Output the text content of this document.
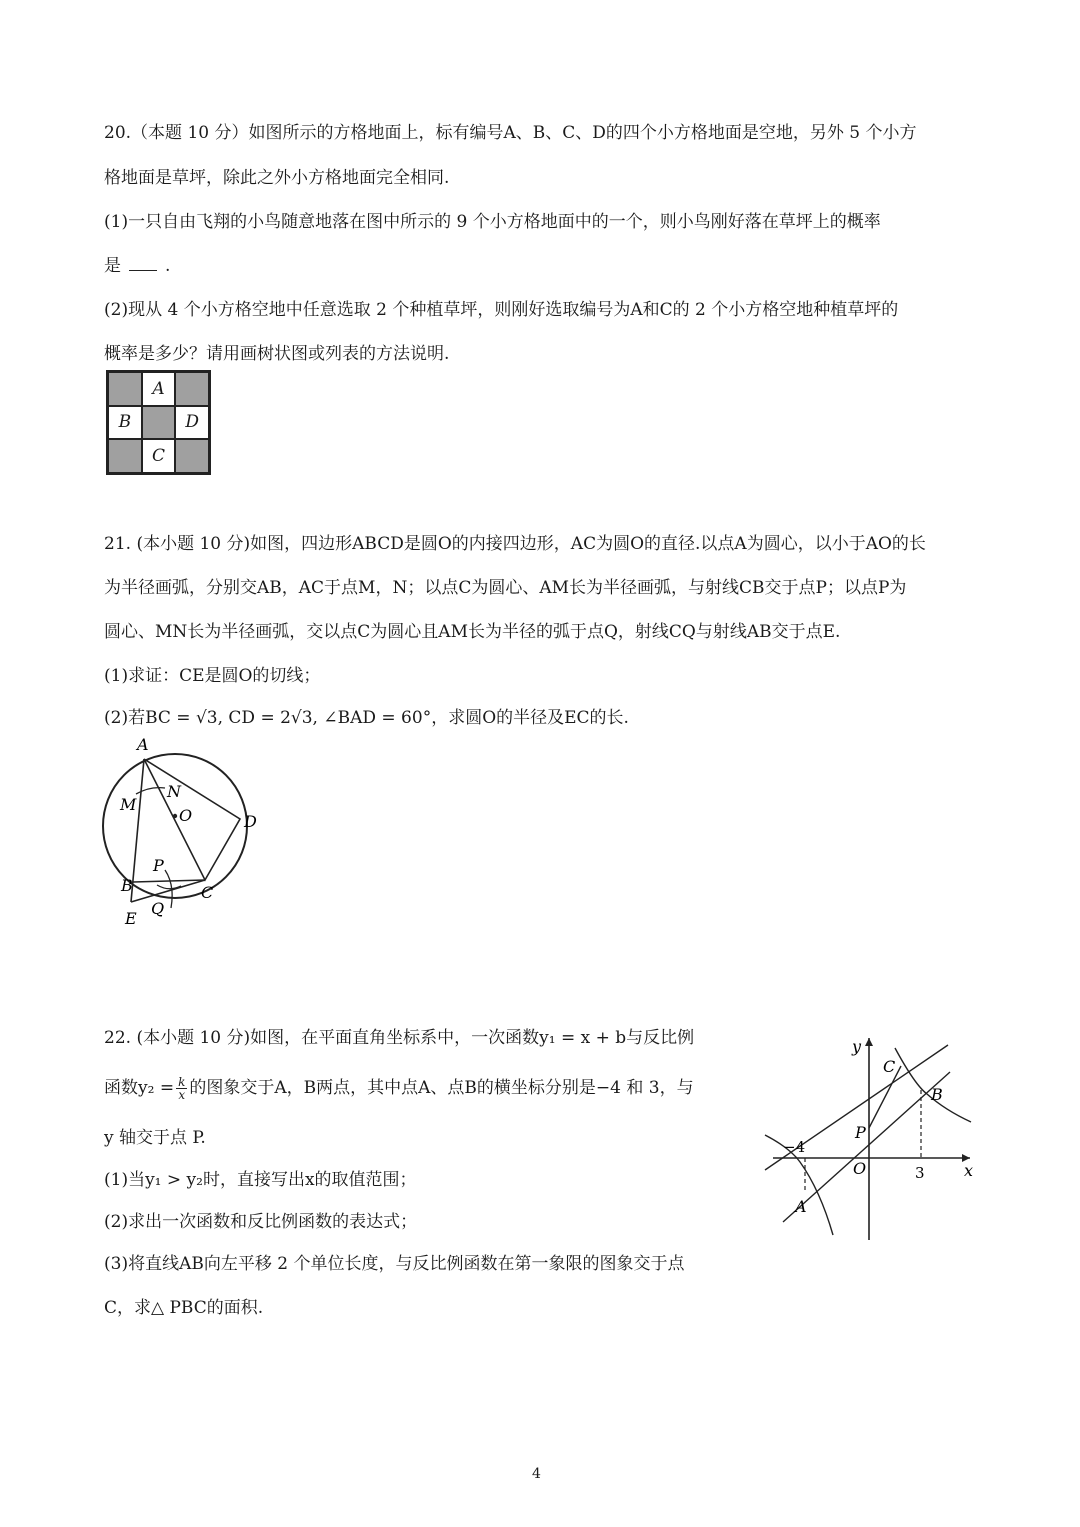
20.（本题 10 分）如图所示的方格地面上，标有编号A、B、C、D的四个小方格地面是空地，另外 5 个小方
格地面是草坪，除此之外小方格地面完全相同.
(1)一只自由飞翔的小鸟随意地落在图中所示的 9 个小方格地面中的一个，则小鸟刚好落在草坪上的概率
是	.
(2)现从 4 个小方格空地中任意选取 2 个种植草坪，则刚好选取编号为A和C的 2 个小方格空地种植草坪的
概率是多少？请用画树状图或列表的方法说明.
A
B	D
C
21. (本小题 10 分)如图，四边形ABCD是圆O的内接四边形，AC为圆O的直径.以点A为圆心，以小于AO的长
为半径画弧，分别交AB，AC于点M，N；以点C为圆心、AM长为半径画弧，与射线CB交于点P；以点P为
圆心、MN长为半径画弧，交以点C为圆心且AM长为半径的弧于点Q，射线CQ与射线AB交于点E.
(1)求证：CE是圆O的切线；
(2)若BC = √3, CD = 2√3, ∠BAD = 60°，求圆O的半径及EC的长.
A
M
N
O	D
P
B	C
Q
E
22. (本小题 10 分)如图，在平面直角坐标系中，一次函数y₁ = x + b与反比例
函数$y_2 = \frac{k}{x}$ 的图象交于A，B两点，其中点A、点B的横坐标分别是−4 和 3，与
y 轴交于点 P.
(1)当y₁ > y₂时，直接写出x的取值范围；
(2)求出一次函数和反比例函数的表达式；
(3)将直线AB向左平移 2 个单位长度，与反比例函数在第一象限的图象交于点
C，求△ PBC的面积.
y
C
B
P
−4
O	3 x
A
4
